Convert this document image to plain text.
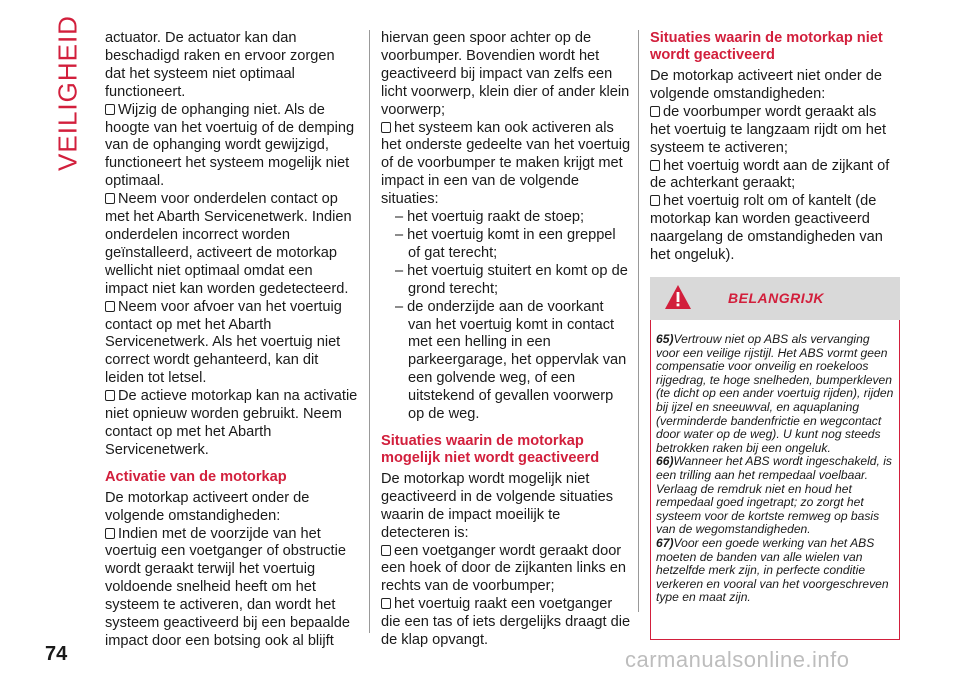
VEILIGHEID actuator. De actuator kan dan beschadigd raken en ervoor zorgen dat het systeem niet optimaal functioneert.

Wijzig de ophanging niet. Als de hoogte van het voertuig of de demping van de ophanging wordt gewijzigd, functioneert het systeem mogelijk niet optimaal.

Neem voor onderdelen contact op met het Abarth Servicenetwerk. Indien onderdelen incorrect worden geïnstalleerd, activeert de motorkap wellicht niet optimaal omdat een impact niet kan worden gedetecteerd.

Neem voor afvoer van het voertuig contact op met het Abarth Servicenetwerk. Als het voertuig niet correct wordt gehanteerd, kan dit leiden tot letsel.

De actieve motorkap kan na activatie niet opnieuw worden gebruikt. Neem contact op met het Abarth Servicenetwerk.

Activatie van de motorkap

De motorkap activeert onder de volgende omstandigheden:

Indien met de voorzijde van het voertuig een voetganger of obstructie wordt geraakt terwijl het voertuig voldoende snelheid heeft om het systeem te activeren, dan wordt het systeem geactiveerd bij een bepaalde impact door een botsing ook al blijft

hiervan geen spoor achter op de voorbumper. Bovendien wordt het geactiveerd bij impact van zelfs een licht voorwerp, klein dier of ander klein voorwerp;

het systeem kan ook activeren als het onderste gedeelte van het voertuig of de voorbumper te maken krijgt met impact in een van de volgende situaties:

– het voertuig raakt de stoep;

– het voertuig komt in een greppel of gat terecht;

– het voertuig stuitert en komt op de grond terecht;

– de onderzijde aan de voorkant van het voertuig komt in contact met een helling in een parkeergarage, het oppervlak van een golvende weg, of een uitstekend of gevallen voorwerp op de weg.

Situaties waarin de motorkap mogelijk niet wordt geactiveerd

De motorkap wordt mogelijk niet geactiveerd in de volgende situaties waarin de impact moeilijk te detecteren is:

een voetganger wordt geraakt door een hoek of door de zijkanten links en rechts van de voorbumper;

het voertuig raakt een voetganger die een tas of iets dergelijks draagt die de klap opvangt.

Situaties waarin de motorkap niet wordt geactiveerd

De motorkap activeert niet onder de volgende omstandigheden:

de voorbumper wordt geraakt als het voertuig te langzaam rijdt om het systeem te activeren;

het voertuig wordt aan de zijkant of de achterkant geraakt;

het voertuig rolt om of kantelt (de motorkap kan worden geactiveerd naargelang de omstandigheden van het ongeluk).

BELANGRIJK

65)Vertrouw niet op ABS als vervanging voor een veilige rijstijl. Het ABS vormt geen compensatie voor onveilig en roekeloos rijgedrag, te hoge snelheden, bumperkleven (te dicht op een ander voertuig rijden), rijden bij ijzel en sneeuwval, en aquaplaning (verminderde bandenfrictie en wegcontact door water op de weg). U kunt nog steeds betrokken raken bij een ongeluk.

66)Wanneer het ABS wordt ingeschakeld, is een trilling aan het rempedaal voelbaar. Verlaag de remdruk niet en houd het rempedaal goed ingetrapt; zo zorgt het systeem voor de kortste remweg op basis van de wegomstandigheden.

67)Voor een goede werking van het ABS moeten de banden van alle wielen van hetzelfde merk zijn, in perfecte conditie verkeren en vooral van het voorgeschreven type en maat zijn.

74	carmanualsonline.info
